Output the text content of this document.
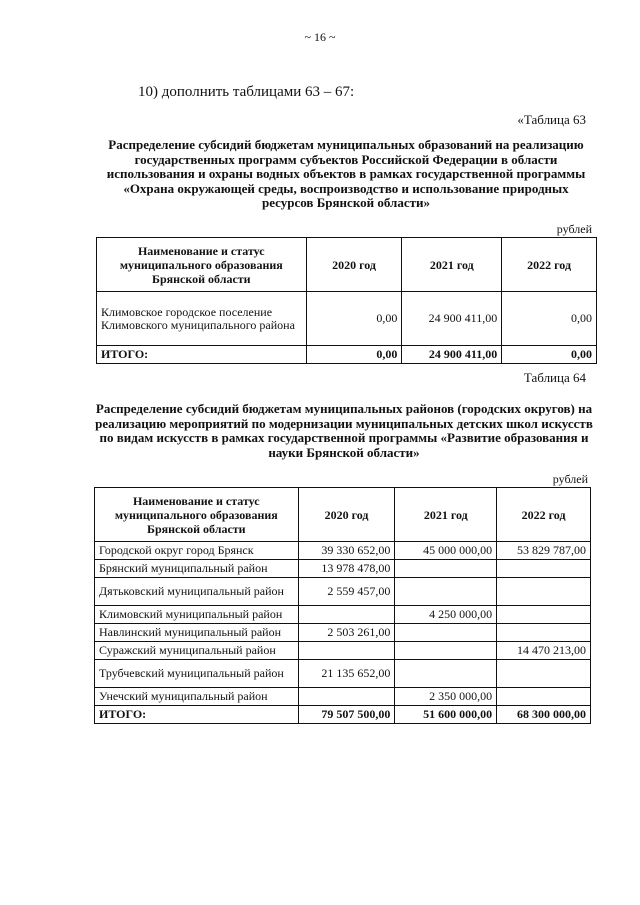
~ 16 ~
10) дополнить таблицами 63 – 67:
«Таблица 63
Распределение субсидий бюджетам муниципальных образований на реализацию государственных программ субъектов Российской Федерации в области использования и охраны водных объектов в рамках государственной программы «Охрана окружающей среды, воспроизводство и использование природных ресурсов Брянской области»
рублей
Наименование и статус муниципального образования Брянской области	2020 год	2021 год	2022 год
Климовское городское поселение Климовского муниципального района	0,00	24 900 411,00	0,00
ИТОГО:	0,00	24 900 411,00	0,00
Таблица 64
Распределение субсидий бюджетам муниципальных районов (городских округов) на реализацию мероприятий по модернизации муниципальных детских школ искусств по видам искусств в рамках государственной программы «Развитие образования и науки Брянской области»
рублей
Наименование и статус муниципального образования Брянской области	2020 год	2021 год	2022 год
Городской округ город Брянск	39 330 652,00	45 000 000,00	53 829 787,00
Брянский муниципальный район	13 978 478,00		
Дятьковский муниципальный район	2 559 457,00		
Климовский муниципальный район		4 250 000,00	
Навлинский муниципальный район	2 503 261,00		
Суражский муниципальный район			14 470 213,00
Трубчевский муниципальный район	21 135 652,00		
Унечский муниципальный район		2 350 000,00	
ИТОГО:	79 507 500,00	51 600 000,00	68 300 000,00
